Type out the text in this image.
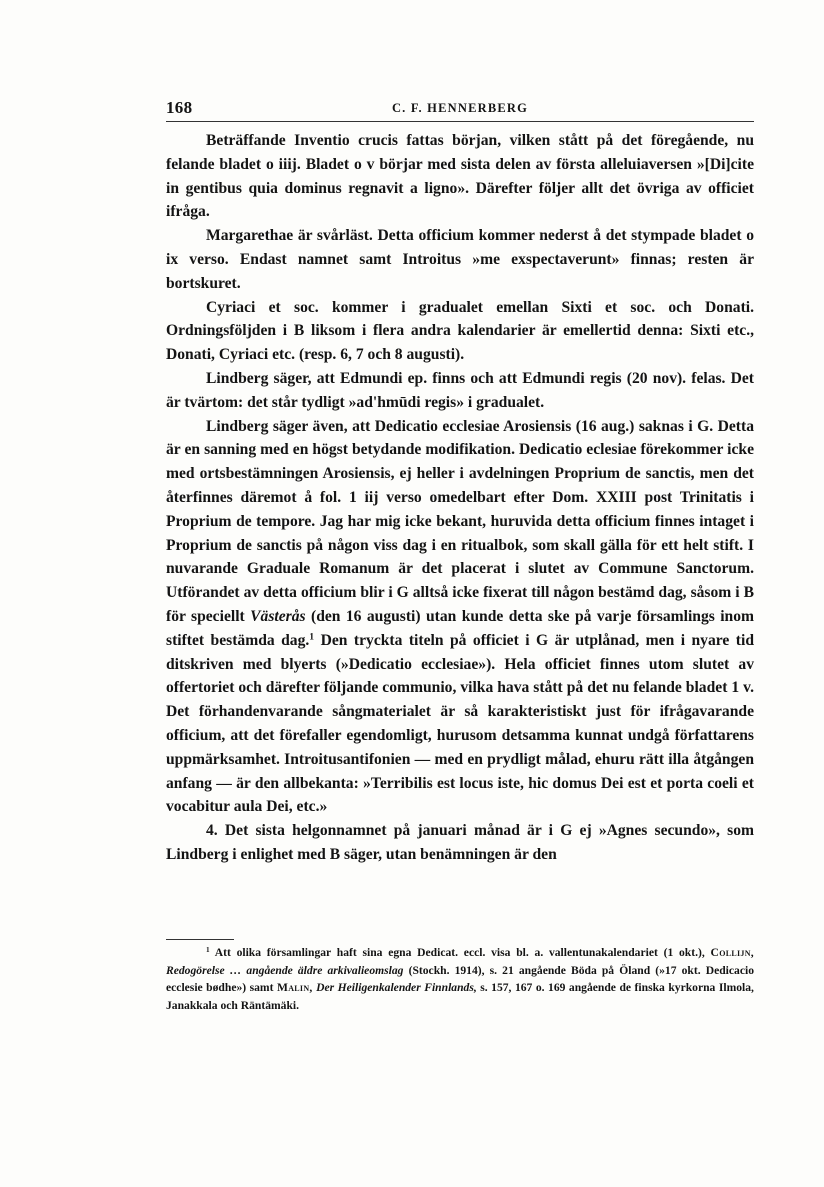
168	C. F. HENNERBERG

Beträffande Inventio crucis fattas början, vilken stått på det föregående, nu felande bladet o iiij. Bladet o v börjar med sista delen av första alleluiaversen »[Di]cite in gentibus quia dominus regnavit a ligno». Därefter följer allt det övriga av officiet ifråga.

Margarethae är svårläst. Detta officium kommer nederst å det stympade bladet o ix verso. Endast namnet samt Introitus »me exspectaverunt» finnas; resten är bortskuret.

Cyriaci et soc. kommer i gradualet emellan Sixti et soc. och Donati. Ordningsföljden i B liksom i flera andra kalendarier är emellertid denna: Sixti etc., Donati, Cyriaci etc. (resp. 6, 7 och 8 augusti).

Lindberg säger, att Edmundi ep. finns och att Edmundi regis (20 nov). felas. Det är tvärtom: det står tydligt »ad'hmūdi regis» i gradualet.

Lindberg säger även, att Dedicatio ecclesiae Arosiensis (16 aug.) saknas i G. Detta är en sanning med en högst betydande modifikation. Dedicatio eclesiae förekommer icke med ortsbestämningen Arosiensis, ej heller i avdelningen Proprium de sanctis, men det återfinnes däremot å fol. 1 iij verso omedelbart efter Dom. XXIII post Trinitatis i Proprium de tempore. Jag har mig icke bekant, huruvida detta officium finnes intaget i Proprium de sanctis på någon viss dag i en ritualbok, som skall gälla för ett helt stift. I nuvarande Graduale Romanum är det placerat i slutet av Commune Sanctorum. Utförandet av detta officium blir i G alltså icke fixerat till någon bestämd dag, såsom i B för speciellt Västerås (den 16 augusti) utan kunde detta ske på varje församlings inom stiftet bestämda dag.$^1$ Den tryckta titeln på officiet i G är utplånad, men i nyare tid ditskriven med blyerts (»Dedicatio ecclesiae»). Hela officiet finnes utom slutet av offertoriet och därefter följande communio, vilka hava stått på det nu felande bladet 1 v. Det förhandenvarande sångmaterialet är så karakteristiskt just för ifrågavarande officium, att det förefaller egendomligt, hurusom detsamma kunnat undgå författarens uppmärksamhet. Introitusantifonien — med en prydligt målad, ehuru rätt illa åtgången anfang — är den allbekanta: »Terribilis est locus iste, hic domus Dei est et porta coeli et vocabitur aula Dei, etc.»

4. Det sista helgonnamnet på januari månad är i G ej »Agnes secundo», som Lindberg i enlighet med B säger, utan benämningen är den

$^1$ Att olika församlingar haft sina egna Dedicat. eccl. visa bl. a. vallentunakalendariet (1 okt.), Collijn, Redogörelse … angående äldre arkivalieomslag (Stockh. 1914), s. 21 angående Böda på Öland (»17 okt. Dedicacio ecclesie bødhe») samt Malin, Der Heiligenkalender Finnlands, s. 157, 167 o. 169 angående de finska kyrkorna Ilmola, Janakkala och Räntämäki.
